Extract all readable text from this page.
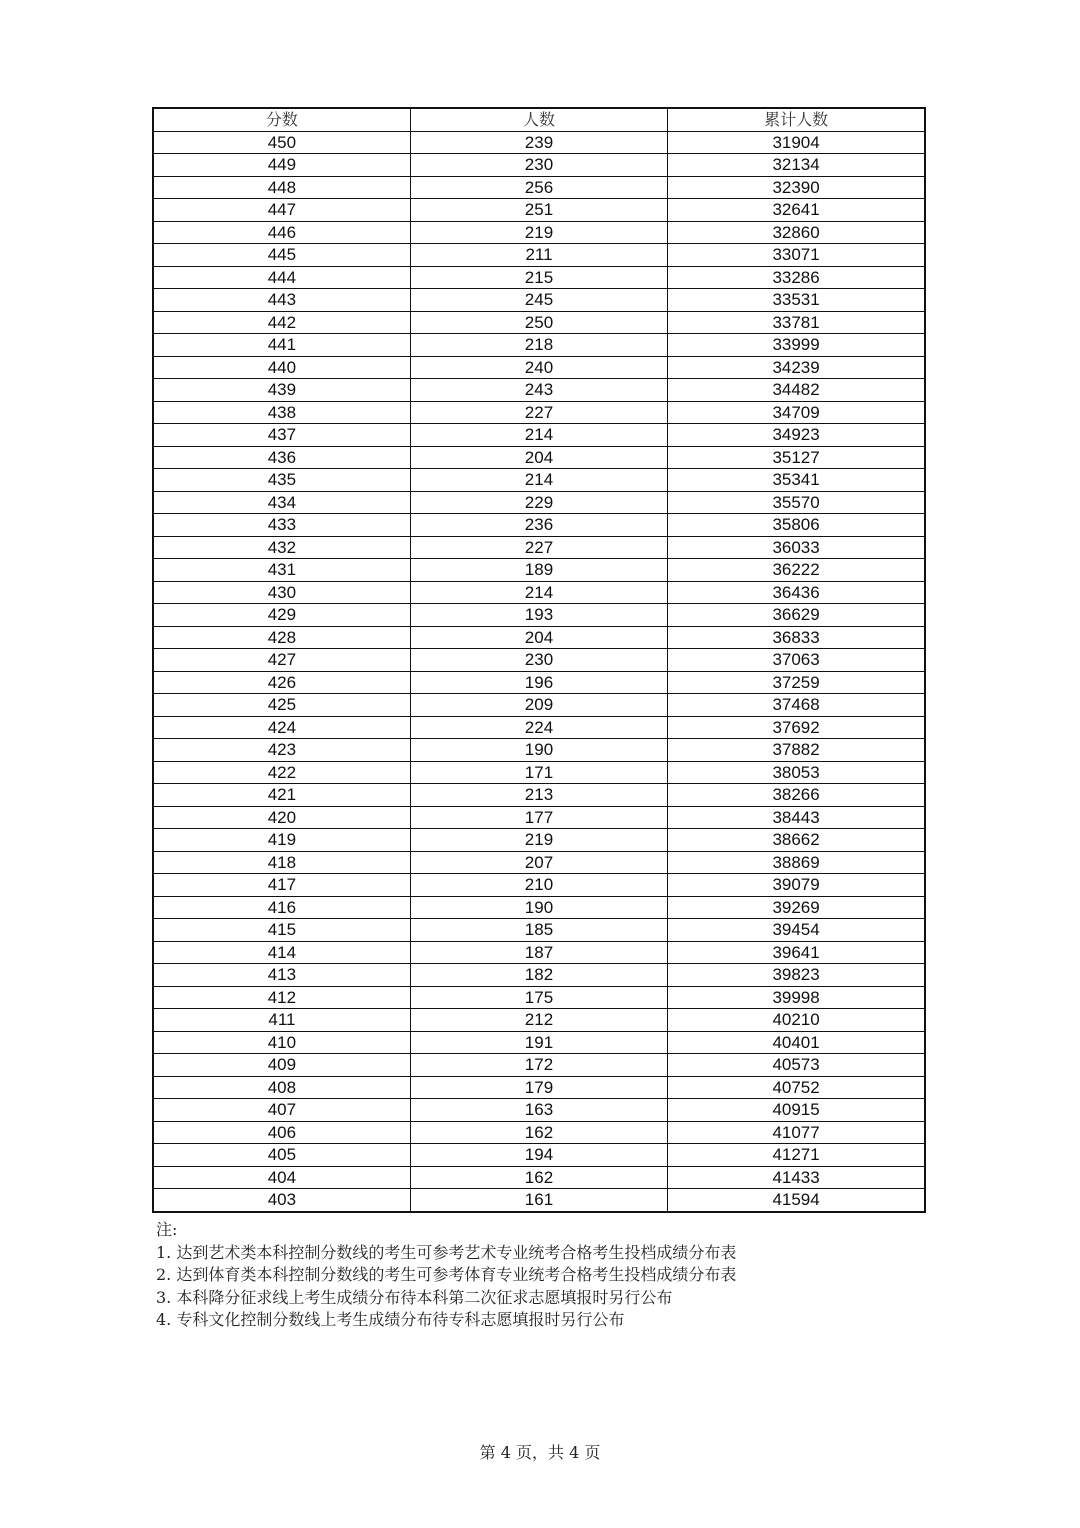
分数	人数	累计人数
450	239	31904
449	230	32134
448	256	32390
447	251	32641
446	219	32860
445	211	33071
444	215	33286
443	245	33531
442	250	33781
441	218	33999
440	240	34239
439	243	34482
438	227	34709
437	214	34923
436	204	35127
435	214	35341
434	229	35570
433	236	35806
432	227	36033
431	189	36222
430	214	36436
429	193	36629
428	204	36833
427	230	37063
426	196	37259
425	209	37468
424	224	37692
423	190	37882
422	171	38053
421	213	38266
420	177	38443
419	219	38662
418	207	38869
417	210	39079
416	190	39269
415	185	39454
414	187	39641
413	182	39823
412	175	39998
411	212	40210
410	191	40401
409	172	40573
408	179	40752
407	163	40915
406	162	41077
405	194	41271
404	162	41433
403	161	41594
注:
1. 达到艺术类本科控制分数线的考生可参考艺术专业统考合格考生投档成绩分布表
2. 达到体育类本科控制分数线的考生可参考体育专业统考合格考生投档成绩分布表
3. 本科降分征求线上考生成绩分布待本科第二次征求志愿填报时另行公布
4. 专科文化控制分数线上考生成绩分布待专科志愿填报时另行公布
第 4 页，共 4 页
